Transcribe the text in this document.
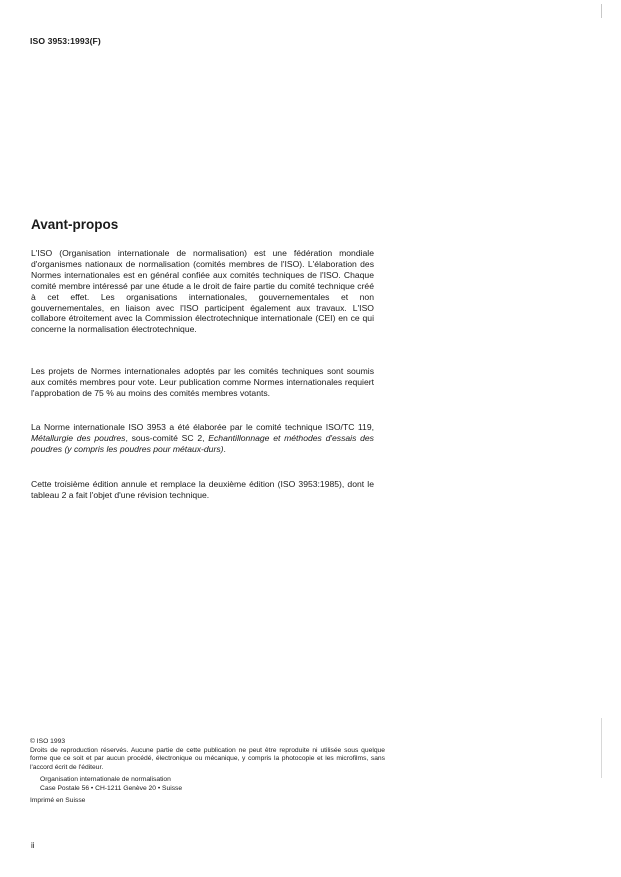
ISO 3953:1993(F)
Avant-propos

L'ISO (Organisation internationale de normalisation) est une fédération mondiale d'organismes nationaux de normalisation (comités membres de l'ISO). L'élaboration des Normes internationales est en général confiée aux comités techniques de l'ISO. Chaque comité membre intéressé par une étude a le droit de faire partie du comité technique créé à cet effet. Les organisations internationales, gouvernementales et non gouvernementales, en liaison avec l'ISO participent également aux travaux. L'ISO collabore étroitement avec la Commission électrotechnique internationale (CEI) en ce qui concerne la normalisation électrotechnique.

Les projets de Normes internationales adoptés par les comités techniques sont soumis aux comités membres pour vote. Leur publication comme Normes internationales requiert l'approbation de 75 % au moins des comités membres votants.

La Norme internationale ISO 3953 a été élaborée par le comité technique ISO/TC 119, Métallurgie des poudres, sous-comité SC 2, Echantillonnage et méthodes d'essais des poudres (y compris les poudres pour métaux-durs).

Cette troisième édition annule et remplace la deuxième édition (ISO 3953:1985), dont le tableau 2 a fait l'objet d'une révision technique.

© ISO 1993

Droits de reproduction réservés. Aucune partie de cette publication ne peut être reproduite ni utilisée sous quelque forme que ce soit et par aucun procédé, électronique ou mécanique, y compris la photocopie et les microfilms, sans l'accord écrit de l'éditeur.

Organisation internationale de normalisation
Case Postale 56 • CH-1211 Genève 20 • Suisse

Imprimé en Suisse

ii
